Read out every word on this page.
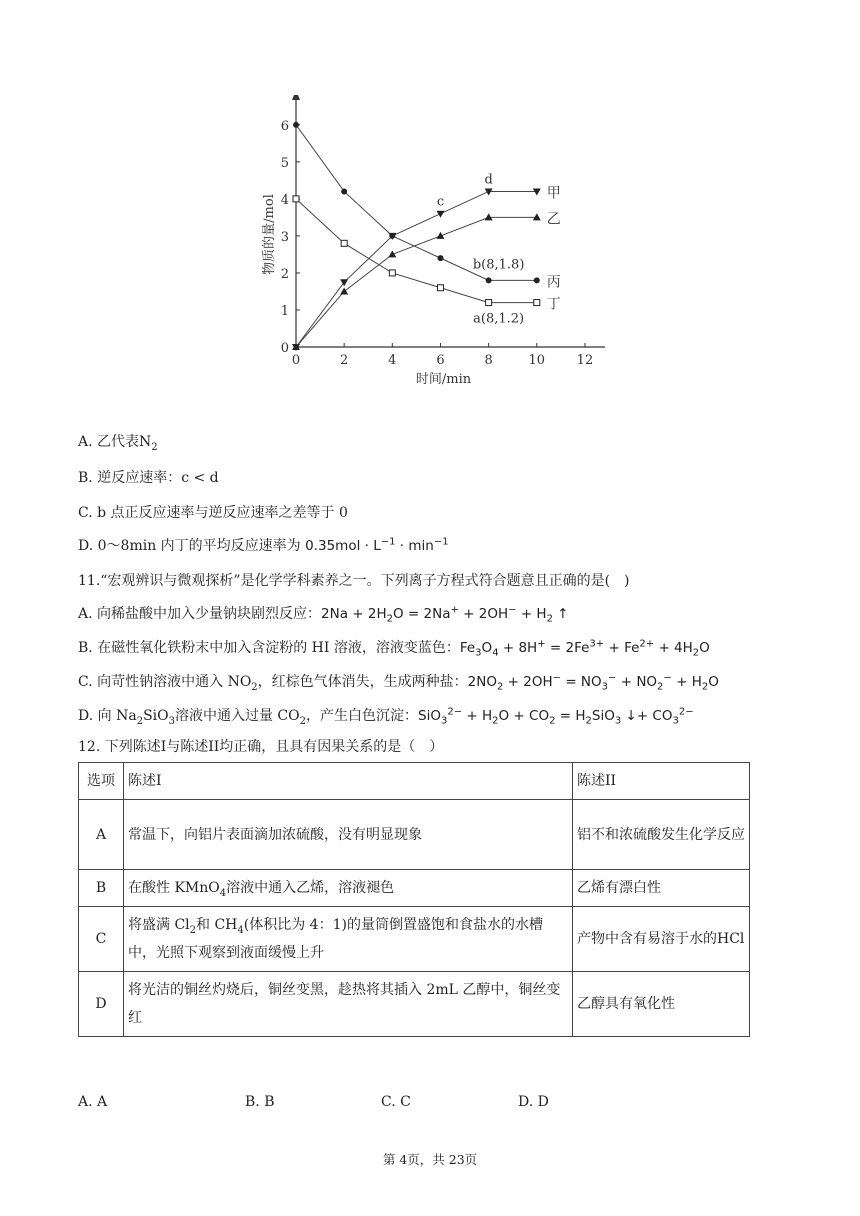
0	2	4	6	8	10 12
0
1
2
3
4
5
6
时间/min
物质的量/mol
甲
乙
丙
丁
d
c
b(8,1.8)
a(8,1.2)
A. 乙代表$N_2$
B. 逆反应速率：c < d
C. b 点正反应速率与逆反应速率之差等于 0
D. 0～8min 内丁的平均反应速率为 $0.35mol \cdot L^{-1} \cdot \min^{-1}$
11.“宏观辨识与微观探析”是化学学科素养之一。下列离子方程式符合题意且正确的是(　)
A. 向稀盐酸中加入少量钠块剧烈反应：$2Na + 2H_2O = 2Na^+ + 2OH^- + H_2$ ↑
B. 在磁性氧化铁粉末中加入含淀粉的 HI 溶液，溶液变蓝色：$Fe_3O_4 + 8H^+ = 2Fe^{3+} + Fe^{2+} + 4H_2O$
C. 向苛性钠溶液中通入 $NO_2$，红棕色气体消失，生成两种盐：$2NO_2 + 2OH^- = NO_3^- + NO_2^- + H_2O$
D. 向 $Na_2SiO_3$溶液中通入过量 $CO_2$，产生白色沉淀：$SiO_3^{2-} + H_2O + CO_2 = H_2SiO_3$ ↓+ $CO_3^{2-}$
12. 下列陈述I与陈述II均正确，且具有因果关系的是（　）
选项	陈述I	陈述II
A	常温下，向铝片表面滴加浓硫酸，没有明显现象	铝不和浓硫酸发生化学反应
B	在酸性 KMnO$_4$溶液中通入乙烯，溶液褪色	乙烯有漂白性
C	将盛满 $Cl_2$和 $CH_4$(体积比为 4：1)的量筒倒置盛饱和食盐水的水槽中，光照下观察到液面缓慢上升	产物中含有易溶于水的HCl
D	将光洁的铜丝灼烧后，铜丝变黑，趁热将其插入 2mL 乙醇中，铜丝变红	乙醇具有氧化性
A. A	B. B	C. C	D. D
第 4页，共 23页
